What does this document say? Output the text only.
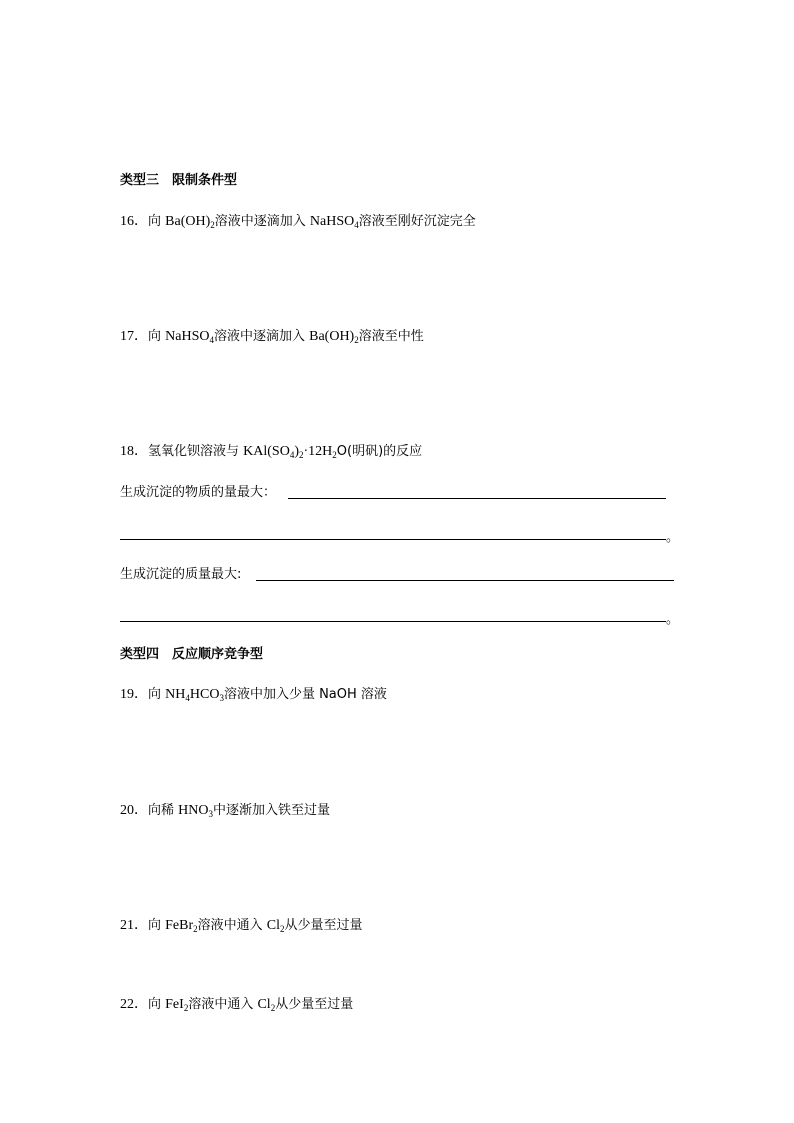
类型三　限制条件型
16．向 $Ba(OH)_2$溶液中逐滴加入 NaHSO$_4$溶液至刚好沉淀完全
17．向 NaHSO$_4$溶液中逐滴加入 $Ba(OH)_2$溶液至中性
18．氢氧化钡溶液与 $KAl(SO_4)_2\cdot 12H_2O$(明矾)的反应
生成沉淀的物质的量最大：
。
生成沉淀的质量最大:
。
类型四　反应顺序竞争型
19．向 $NH_4HCO_3$溶液中加入少量 NaOH 溶液
20．向稀 $HNO_3$中逐渐加入铁至过量
21．向 FeBr$_2$溶液中通入 $Cl_2$从少量至过量
22．向 FeI$_2$溶液中通入 $Cl_2$从少量至过量
